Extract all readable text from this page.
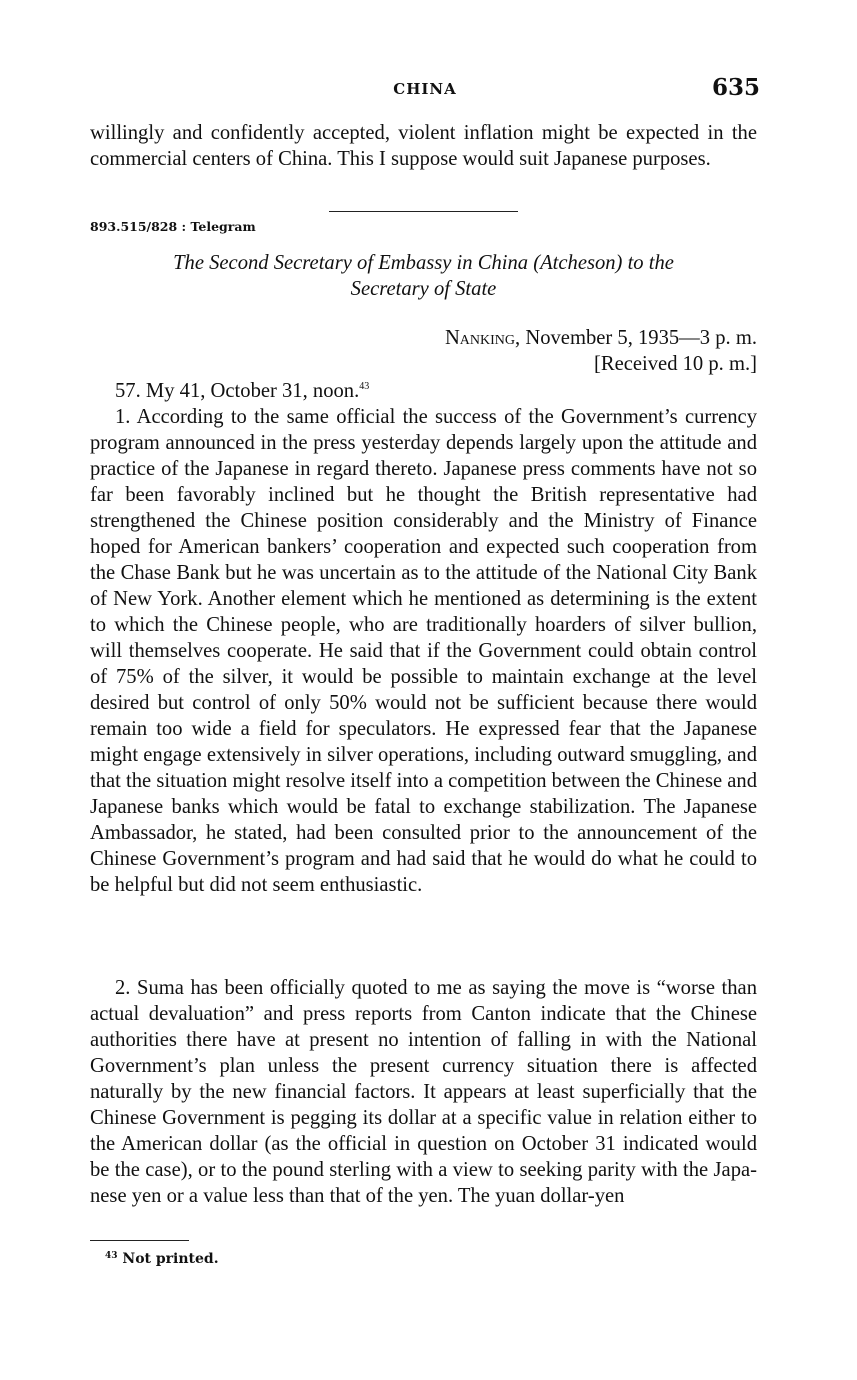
CHINA	635

willingly and confidently accepted, violent inflation might be expected in the commercial centers of China. This I suppose would suit Japanese purposes.

893.515/828 : Telegram

The Second Secretary of Embassy in China (Atcheson) to the
Secretary of State

Nanking, November 5, 1935—3 p. m.
[Received 10 p. m.]

57. My 41, October 31, noon.$^{43}$

1. According to the same official the success of the Government’s currency program announced in the press yesterday depends largely upon the attitude and practice of the Japanese in regard thereto. Japanese press comments have not so far been favorably inclined but he thought the British representative had strengthened the Chinese position considerably and the Ministry of Finance hoped for American bankers’ cooperation and expected such cooperation from the Chase Bank but he was uncertain as to the attitude of the National City Bank of New York. Another element which he mentioned as determining is the extent to which the Chinese people, who are traditionally hoarders of silver bullion, will themselves cooperate. He said that if the Government could obtain control of 75% of the silver, it would be possible to maintain exchange at the level desired but control of only 50% would not be sufficient because there would remain too wide a field for speculators. He expressed fear that the Japanese might engage extensively in silver operations, including outward smuggling, and that the situation might resolve itself into a competition between the Chinese and Japanese banks which would be fatal to exchange stabilization. The Japanese Ambassador, he stated, had been consulted prior to the announcement of the Chinese Government’s program and had said that he would do what he could to be helpful but did not seem enthusiastic.

2. Suma has been officially quoted to me as saying the move is “worse than actual devaluation” and press reports from Canton indicate that the Chinese authorities there have at present no intention of falling in with the National Government’s plan unless the present currency situation there is affected naturally by the new financial factors. It appears at least superficially that the Chinese Government is pegging its dollar at a specific value in relation either to the American dollar (as the official in question on October 31 indicated would be the case), or to the pound sterling with a view to seeking parity with the Japanese yen or a value less than that of the yen. The yuan dollar-yen

$^{43}$ Not printed.
